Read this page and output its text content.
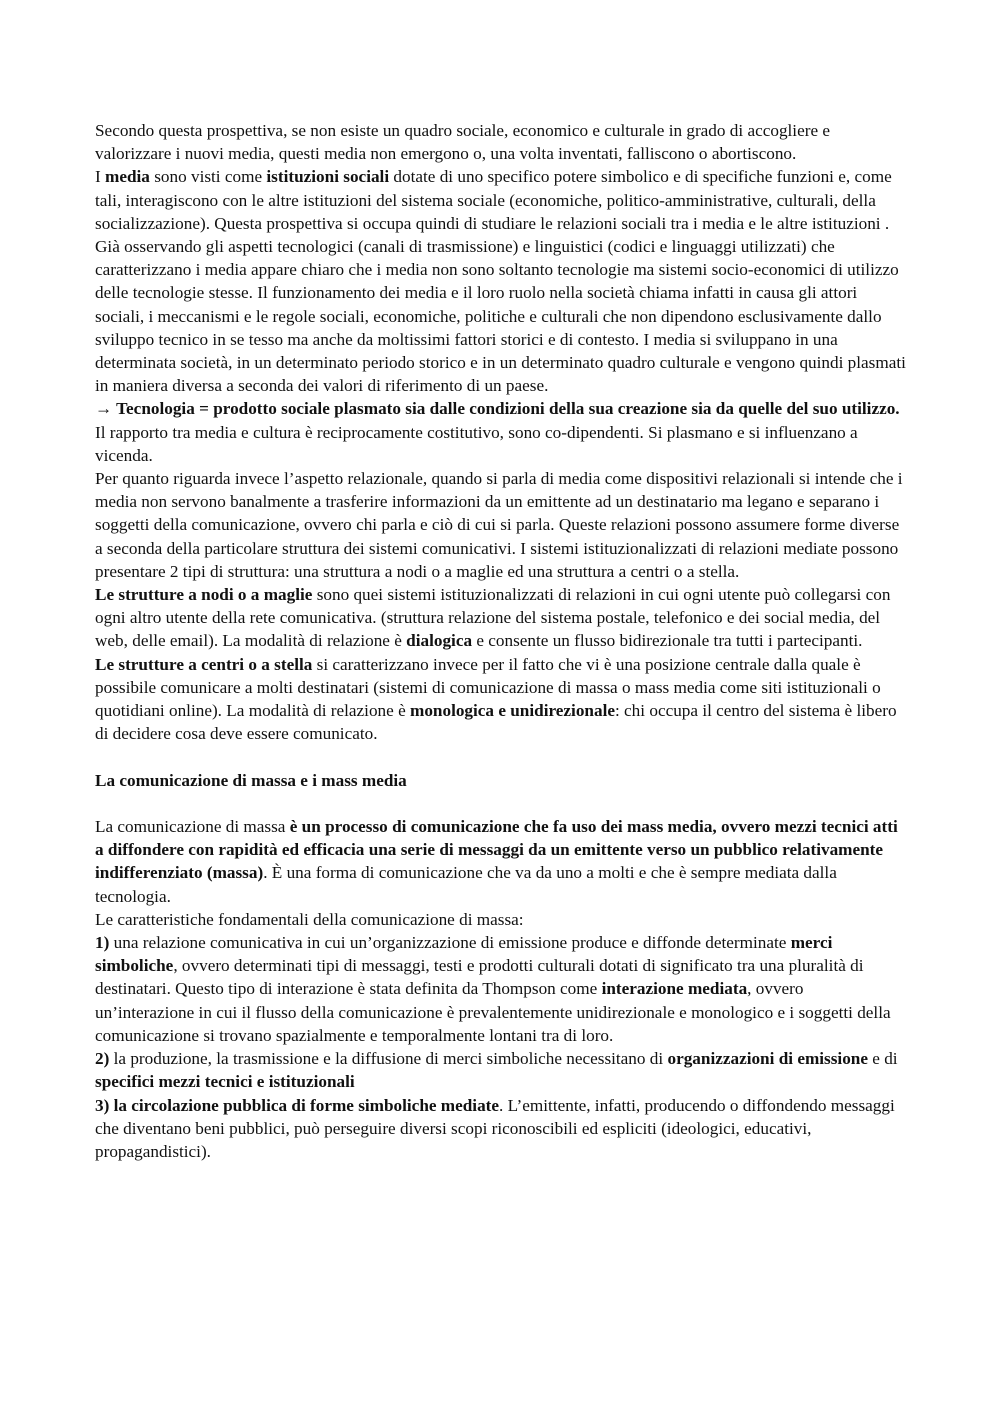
Secondo questa prospettiva, se non esiste un quadro sociale, economico e culturale in grado di accogliere e valorizzare i nuovi media, questi media non emergono o, una volta inventati, falliscono o abortiscono.

I media sono visti come istituzioni sociali dotate di uno specifico potere simbolico e di specifiche funzioni e, come tali, interagiscono con le altre istituzioni del sistema sociale (economiche, politico-amministrative, culturali, della socializzazione). Questa prospettiva si occupa quindi di studiare le relazioni sociali tra i media e le altre istituzioni .

Già osservando gli aspetti tecnologici (canali di trasmissione) e linguistici (codici e linguaggi utilizzati) che caratterizzano i media appare chiaro che i media non sono soltanto tecnologie ma sistemi socio-economici di utilizzo delle tecnologie stesse. Il funzionamento dei media e il loro ruolo nella società chiama infatti in causa gli attori sociali, i meccanismi e le regole sociali, economiche, politiche e culturali che non dipendono esclusivamente dallo sviluppo tecnico in se tesso ma anche da moltissimi fattori storici e di contesto. I media si sviluppano in una determinata società, in un determinato periodo storico e in un determinato quadro culturale e vengono quindi plasmati in maniera diversa a seconda dei valori di riferimento di un paese.

→ Tecnologia = prodotto sociale plasmato sia dalle condizioni della sua creazione sia da quelle del suo utilizzo. Il rapporto tra media e cultura è reciprocamente costitutivo, sono co-dipendenti. Si plasmano e si influenzano a vicenda.

Per quanto riguarda invece l’aspetto relazionale, quando si parla di media come dispositivi relazionali si intende che i media non servono banalmente a trasferire informazioni da un emittente ad un destinatario ma legano e separano i soggetti della comunicazione, ovvero chi parla e ciò di cui si parla. Queste relazioni possono assumere forme diverse a seconda della particolare struttura dei sistemi comunicativi. I sistemi istituzionalizzati di relazioni mediate possono presentare 2 tipi di struttura: una struttura a nodi o a maglie ed una struttura a centri o a stella.

Le strutture a nodi o a maglie sono quei sistemi istituzionalizzati di relazioni in cui ogni utente può collegarsi con ogni altro utente della rete comunicativa. (struttura relazione del sistema postale, telefonico e dei social media, del web, delle email). La modalità di relazione è dialogica e consente un flusso bidirezionale tra tutti i partecipanti.

Le strutture a centri o a stella si caratterizzano invece per il fatto che vi è una posizione centrale dalla quale è possibile comunicare a molti destinatari (sistemi di comunicazione di massa o mass media come siti istituzionali o quotidiani online). La modalità di relazione è monologica e unidirezionale: chi occupa il centro del sistema è libero di decidere cosa deve essere comunicato.

La comunicazione di massa e i mass media

La comunicazione di massa è un processo di comunicazione che fa uso dei mass media, ovvero mezzi tecnici atti a diffondere con rapidità ed efficacia una serie di messaggi da un emittente verso un pubblico relativamente indifferenziato (massa). È una forma di comunicazione che va da uno a molti e che è sempre mediata dalla tecnologia.

Le caratteristiche fondamentali della comunicazione di massa:

1) una relazione comunicativa in cui un’organizzazione di emissione produce e diffonde determinate merci simboliche, ovvero determinati tipi di messaggi, testi e prodotti culturali dotati di significato tra una pluralità di destinatari. Questo tipo di interazione è stata definita da Thompson come interazione mediata, ovvero un’interazione in cui il flusso della comunicazione è prevalentemente unidirezionale e monologico e i soggetti della comunicazione si trovano spazialmente e temporalmente lontani tra di loro.

2) la produzione, la trasmissione e la diffusione di merci simboliche necessitano di organizzazioni di emissione e di specifici mezzi tecnici e istituzionali

3) la circolazione pubblica di forme simboliche mediate. L’emittente, infatti, producendo o diffondendo messaggi che diventano beni pubblici, può perseguire diversi scopi riconoscibili ed espliciti (ideologici, educativi, propagandistici).
